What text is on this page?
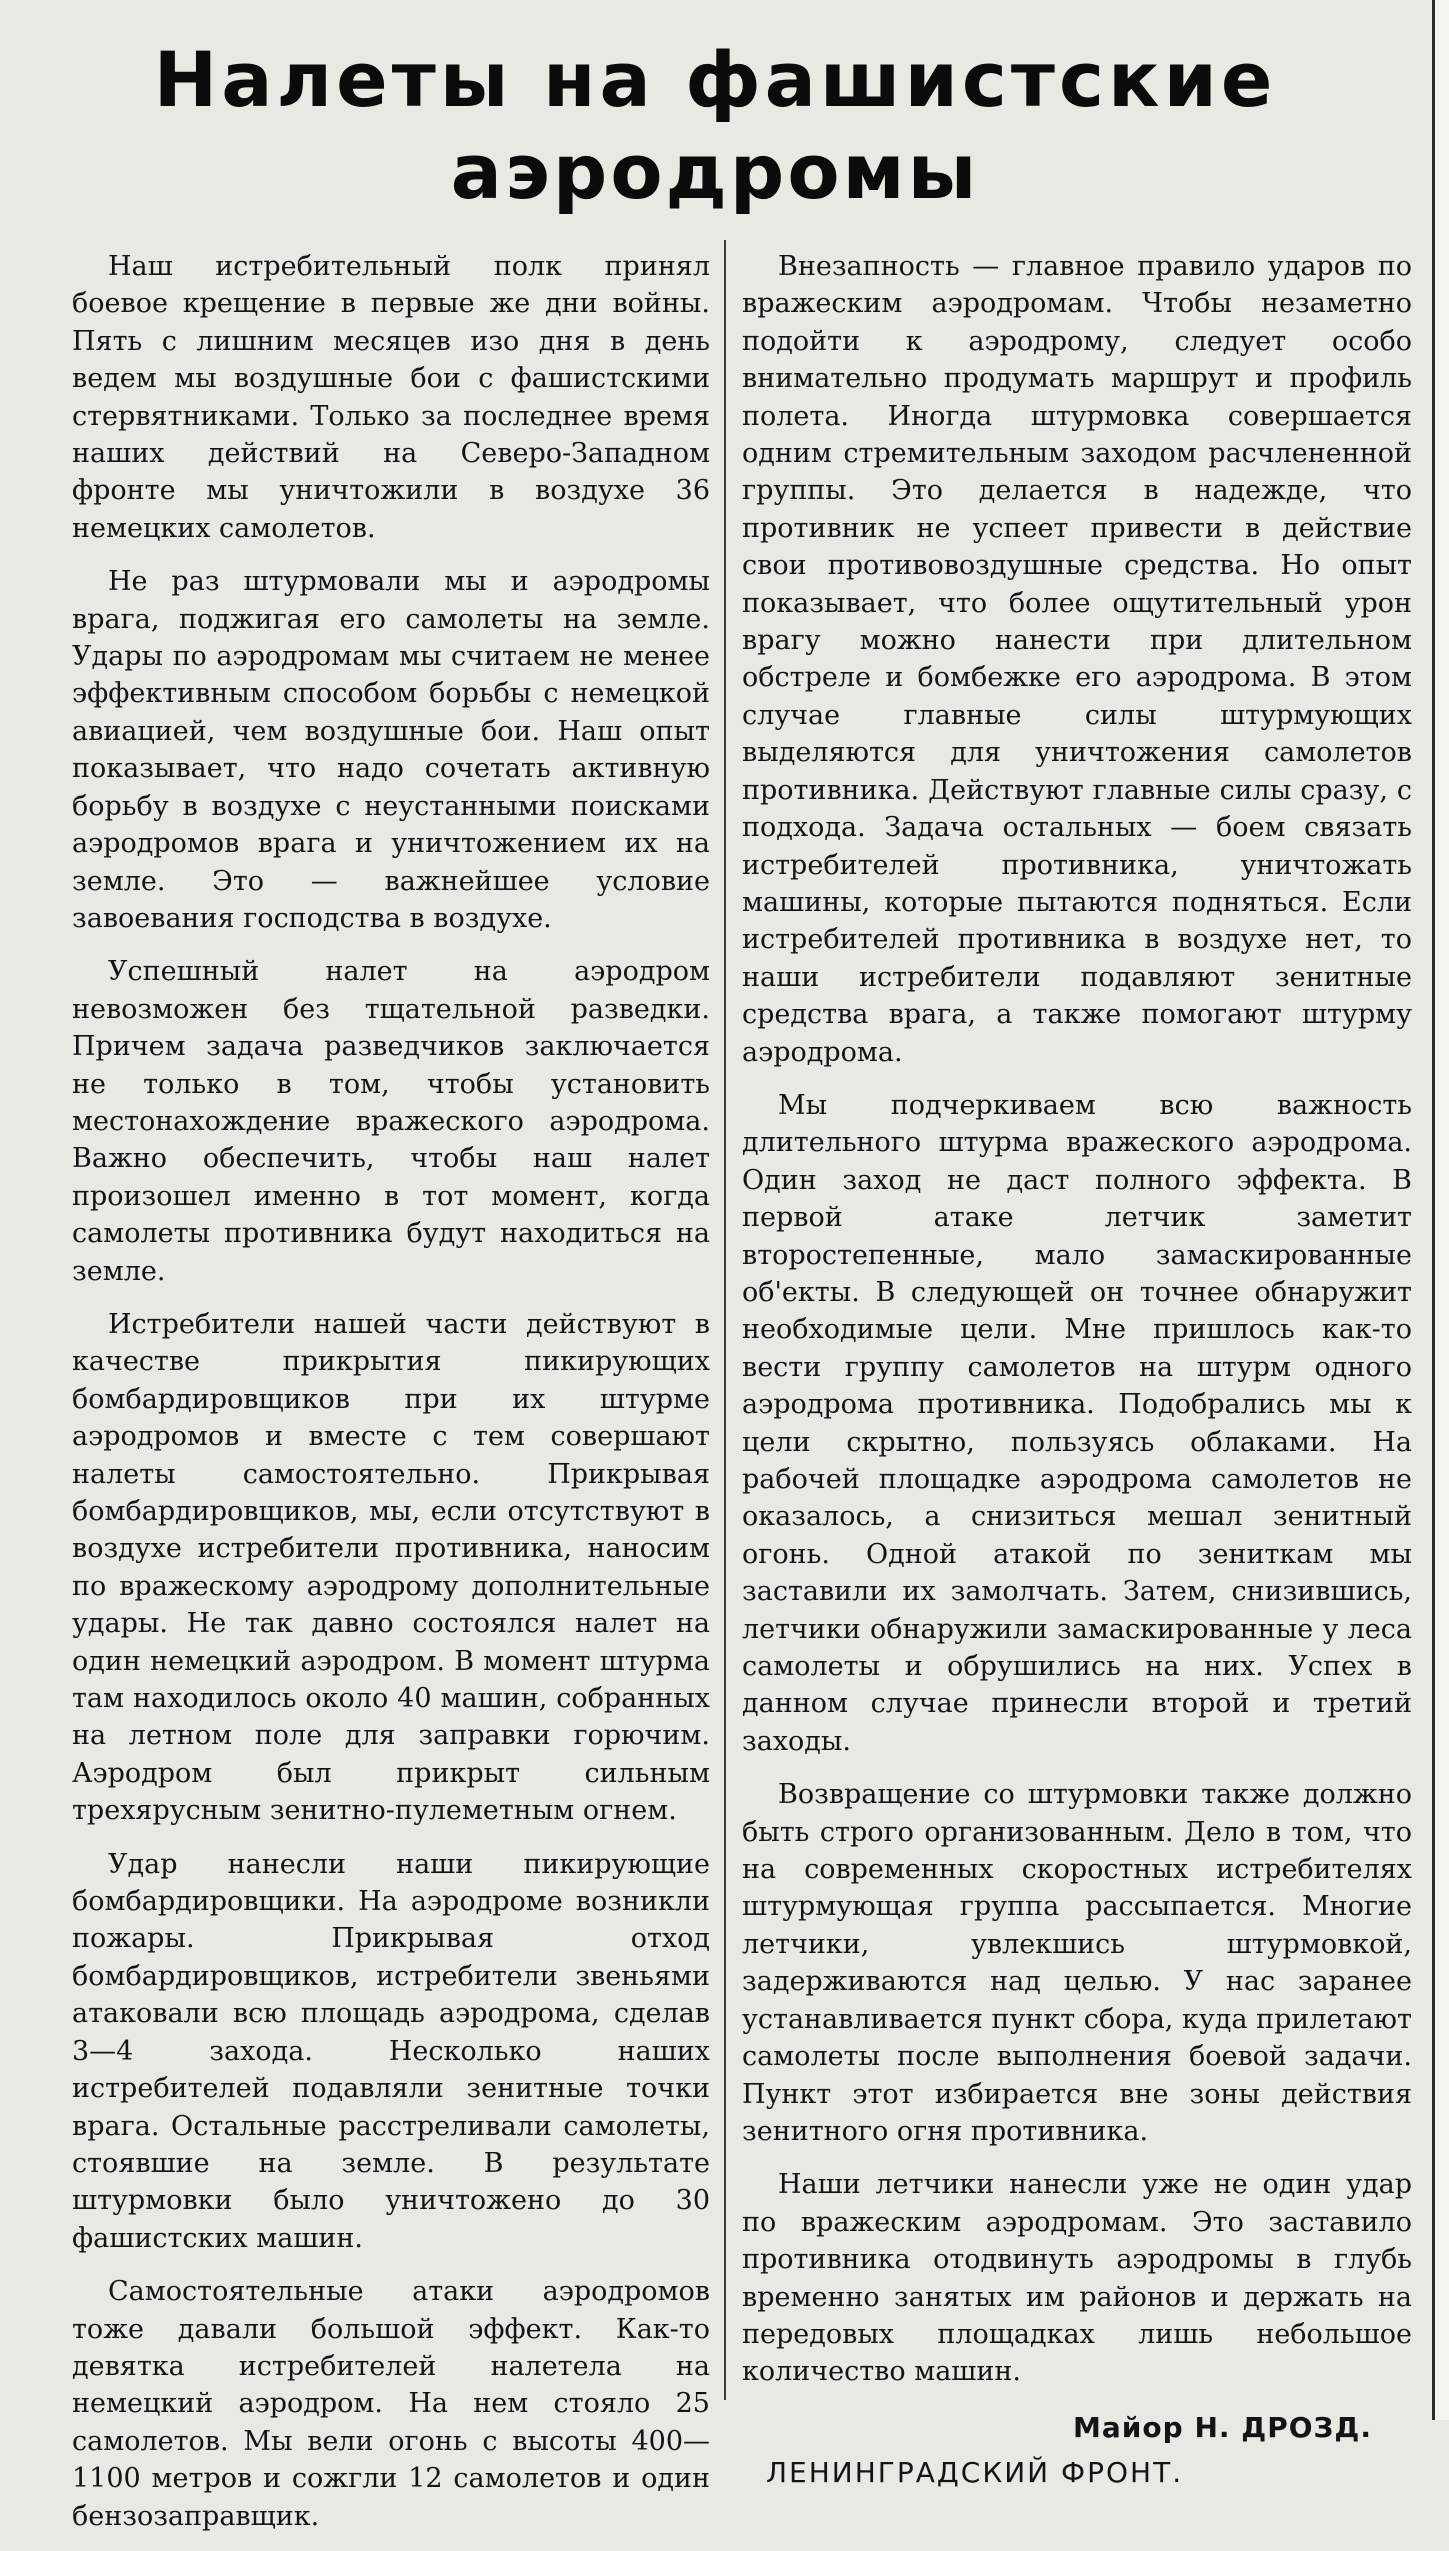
Налеты на фашистские
аэродромы

Наш истребительный полк принял боевое крещение в первые же дни войны. Пять с лишним месяцев изо дня в день ведем мы воздушные бои с фашистскими стервятниками. Только за последнее время наших действий на Северо-Западном фронте мы уничтожили в воздухе 36 немецких самолетов.

Не раз штурмовали мы и аэродромы врага, поджигая его самолеты на земле. Удары по аэродромам мы считаем не менее эффективным способом борьбы с немецкой авиацией, чем воздушные бои. Наш опыт показывает, что надо сочетать активную борьбу в воздухе с неустанными поисками аэродромов врага и уничтожением их на земле. Это — важнейшее условие завоевания господства в воздухе.

Успешный налет на аэродром невозможен без тщательной разведки. Причем задача разведчиков заключается не только в том, чтобы установить местонахождение вражеского аэродрома. Важно обеспечить, чтобы наш налет произошел именно в тот момент, когда самолеты противника будут находиться на земле.

Истребители нашей части действуют в качестве прикрытия пикирующих бомбардировщиков при их штурме аэродромов и вместе с тем совершают налеты самостоятельно. Прикрывая бомбардировщиков, мы, если отсутствуют в воздухе истребители противника, наносим по вражескому аэродрому дополнительные удары. Не так давно состоялся налет на один немецкий аэродром. В момент штурма там находилось около 40 машин, собранных на летном поле для заправки горючим. Аэродром был прикрыт сильным трехярусным зенитно-пулеметным огнем.

Удар нанесли наши пикирующие бомбардировщики. На аэродроме возникли пожары. Прикрывая отход бомбардировщиков, истребители звеньями атаковали всю площадь аэродрома, сделав 3—4 захода. Несколько наших истребителей подавляли зенитные точки врага. Остальные расстреливали самолеты, стоявшие на земле. В результате штурмовки было уничтожено до 30 фашистских машин.

Самостоятельные атаки аэродромов тоже давали большой эффект. Как-то девятка истребителей налетела на немецкий аэродром. На нем стояло 25 самолетов. Мы вели огонь с высоты 400—1100 метров и сожгли 12 самолетов и один бензозаправщик.

Внезапность — главное правило ударов по вражеским аэродромам. Чтобы незаметно подойти к аэродрому, следует особо внимательно продумать маршрут и профиль полета. Иногда штурмовка совершается одним стремительным заходом расчлененной группы. Это делается в надежде, что противник не успеет привести в действие свои противовоздушные средства. Но опыт показывает, что более ощутительный урон врагу можно нанести при длительном обстреле и бомбежке его аэродрома. В этом случае главные силы штурмующих выделяются для уничтожения самолетов противника. Действуют главные силы сразу, с подхода. Задача остальных — боем связать истребителей противника, уничтожать машины, которые пытаются подняться. Если истребителей противника в воздухе нет, то наши истребители подавляют зенитные средства врага, а также помогают штурму аэродрома.

Мы подчеркиваем всю важность длительного штурма вражеского аэродрома. Один заход не даст полного эффекта. В первой атаке летчик заметит второстепенные, мало замаскированные об'екты. В следующей он точнее обнаружит необходимые цели. Мне пришлось как-то вести группу самолетов на штурм одного аэродрома противника. Подобрались мы к цели скрытно, пользуясь облаками. На рабочей площадке аэродрома самолетов не оказалось, а снизиться мешал зенитный огонь. Одной атакой по зениткам мы заставили их замолчать. Затем, снизившись, летчики обнаружили замаскированные у леса самолеты и обрушились на них. Успех в данном случае принесли второй и третий заходы.

Возвращение со штурмовки также должно быть строго организованным. Дело в том, что на современных скоростных истребителях штурмующая группа рассыпается. Многие летчики, увлекшись штурмовкой, задерживаются над целью. У нас заранее устанавливается пункт сбора, куда прилетают самолеты после выполнения боевой задачи. Пункт этот избирается вне зоны действия зенитного огня противника.

Наши летчики нанесли уже не один удар по вражеским аэродромам. Это заставило противника отодвинуть аэродромы в глубь временно занятых им районов и держать на передовых площадках лишь небольшое количество машин.

Майор Н. ДРОЗД.
ЛЕНИНГРАДСКИЙ ФРОНТ.
